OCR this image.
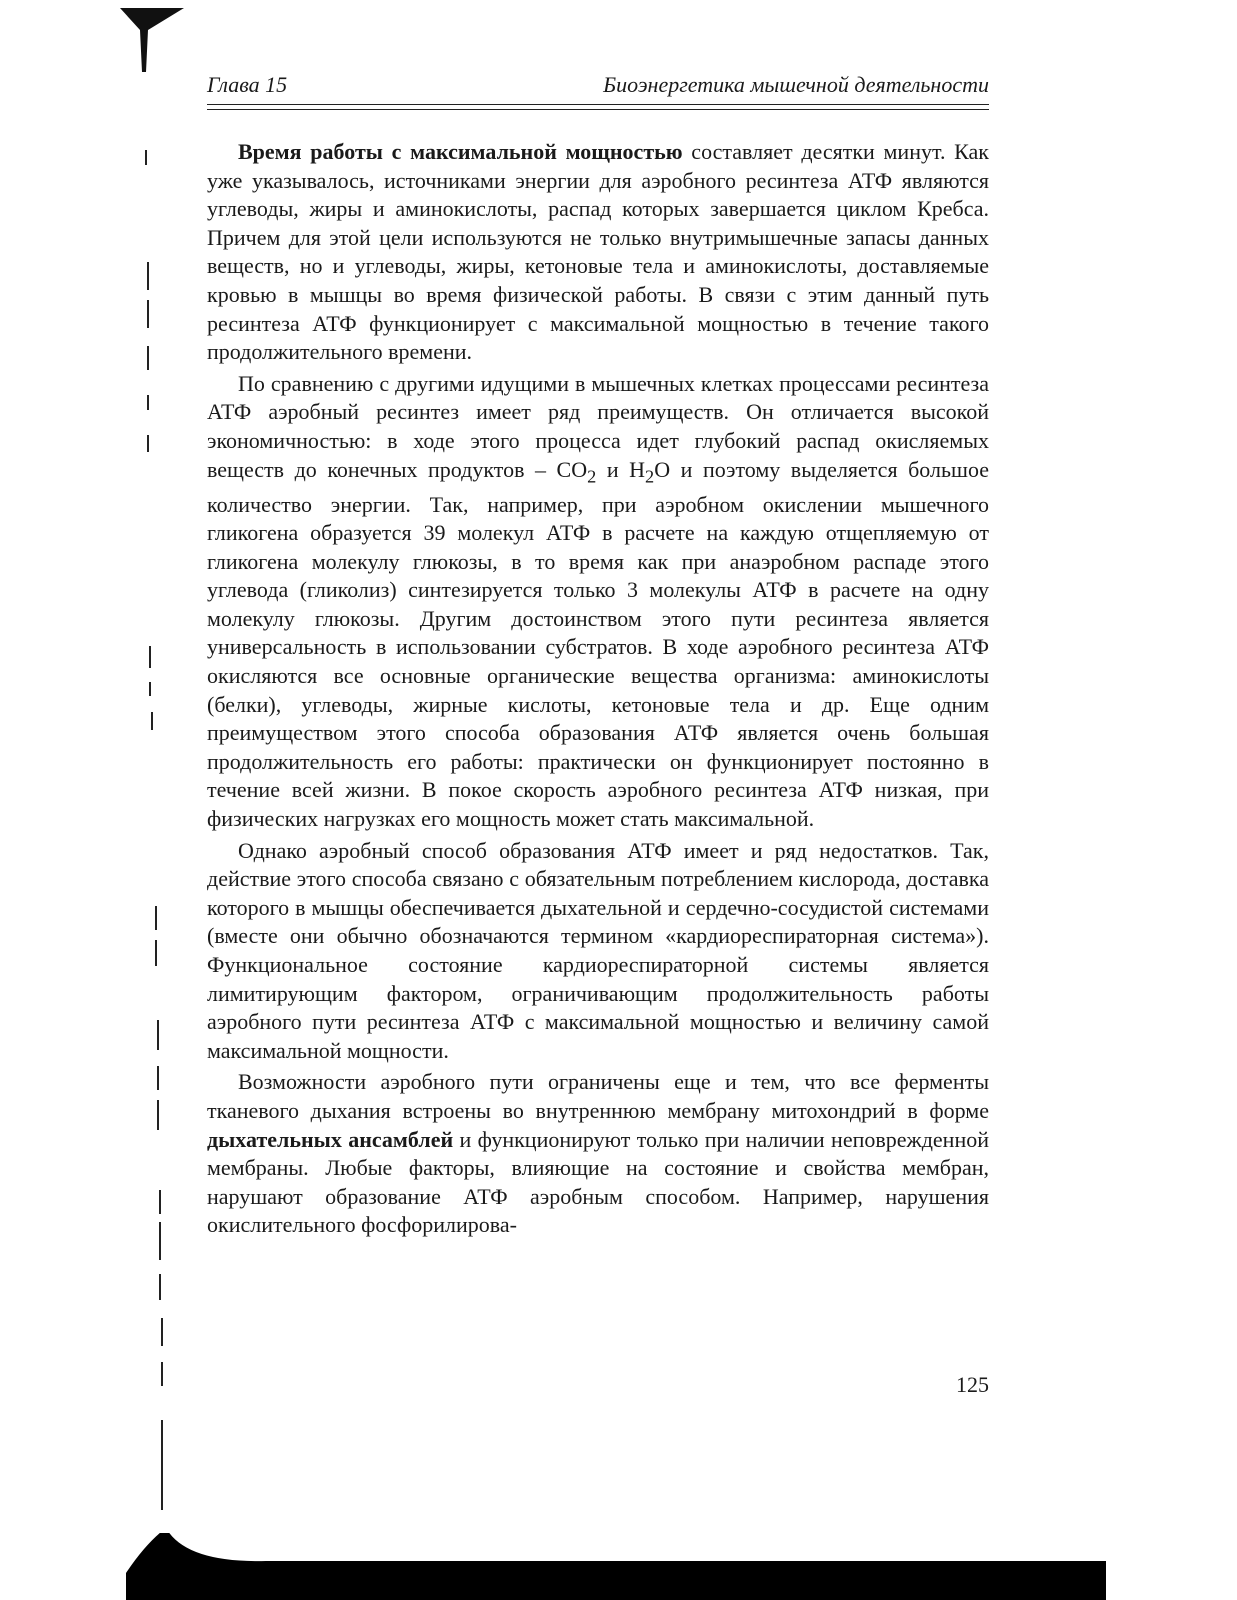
Глава 15	Биоэнергетика мышечной деятельности

Время работы с максимальной мощностью составляет десятки минут. Как уже указывалось, источниками энергии для аэробного ресинтеза АТФ являются углеводы, жиры и аминокислоты, распад которых завершается циклом Кребса. Причем для этой цели используются не только внутримышечные запасы данных веществ, но и углеводы, жиры, кетоновые тела и аминокислоты, доставляемые кровью в мышцы во время физической работы. В связи с этим данный путь ресинтеза АТФ функционирует с максимальной мощностью в течение такого продолжительного времени.

По сравнению с другими идущими в мышечных клетках процессами ресинтеза АТФ аэробный ресинтез имеет ряд преимуществ. Он отличается высокой экономичностью: в ходе этого процесса идет глубокий распад окисляемых веществ до конечных продуктов – $CO_2$ и $H_2O$ и поэтому выделяется большое количество энергии. Так, например, при аэробном окислении мышечного гликогена образуется 39 молекул АТФ в расчете на каждую отщепляемую от гликогена молекулу глюкозы, в то время как при анаэробном распаде этого углевода (гликолиз) синтезируется только 3 молекулы АТФ в расчете на одну молекулу глюкозы. Другим достоинством этого пути ресинтеза является универсальность в использовании субстратов. В ходе аэробного ресинтеза АТФ окисляются все основные органические вещества организма: аминокислоты (белки), углеводы, жирные кислоты, кетоновые тела и др. Еще одним преимуществом этого способа образования АТФ является очень большая продолжительность его работы: практически он функционирует постоянно в течение всей жизни. В покое скорость аэробного ресинтеза АТФ низкая, при физических нагрузках его мощность может стать максимальной.

Однако аэробный способ образования АТФ имеет и ряд недостатков. Так, действие этого способа связано с обязательным потреблением кислорода, доставка которого в мышцы обеспечивается дыхательной и сердечно-сосудистой системами (вместе они обычно обозначаются термином «кардиореспираторная система»). Функциональное состояние кардиореспираторной системы является лимитирующим фактором, ограничивающим продолжительность работы аэробного пути ресинтеза АТФ с максимальной мощностью и величину самой максимальной мощности.

Возможности аэробного пути ограничены еще и тем, что все ферменты тканевого дыхания встроены во внутреннюю мембрану митохондрий в форме дыхательных ансамблей и функционируют только при наличии неповрежденной мембраны. Любые факторы, влияющие на состояние и свойства мембран, нарушают образование АТФ аэробным способом. Например, нарушения окислительного фосфорилирова-

125
